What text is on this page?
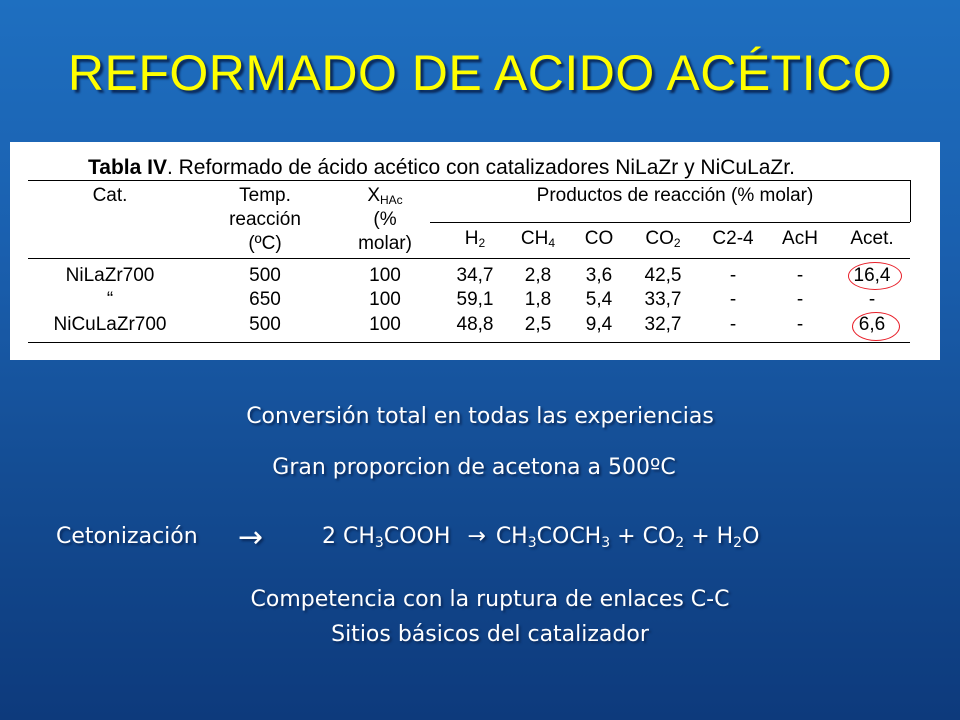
REFORMADO DE ACIDO ACÉTICO
Tabla IV. Reformado de ácido acético con catalizadores NiLaZr y NiCuLaZr.
Cat.	Temp.
reacción
(ºC)
$X_{HAc}$
(%
molar)
Productos de reacción (% molar)
$H_2$	$CH_4$	CO	$CO_2$	C2-4	AcH	Acet.
NiLaZr700	500	100	34,7	2,8	3,6	42,5	-	-	16,4
“	650	100	59,1	1,8	5,4	33,7	-	-	-
NiCuLaZr700	500	100	48,8	2,5	9,4	32,7	-	-	6,6
Conversión total en todas las experiencias
Gran proporcion de acetona a 500ºC
Cetonización →	2 $CH_3COOH$ → $CH_3COCH_3 + CO_2 + H_2O$
Competencia con la ruptura de enlaces C-C
Sitios básicos del catalizador
